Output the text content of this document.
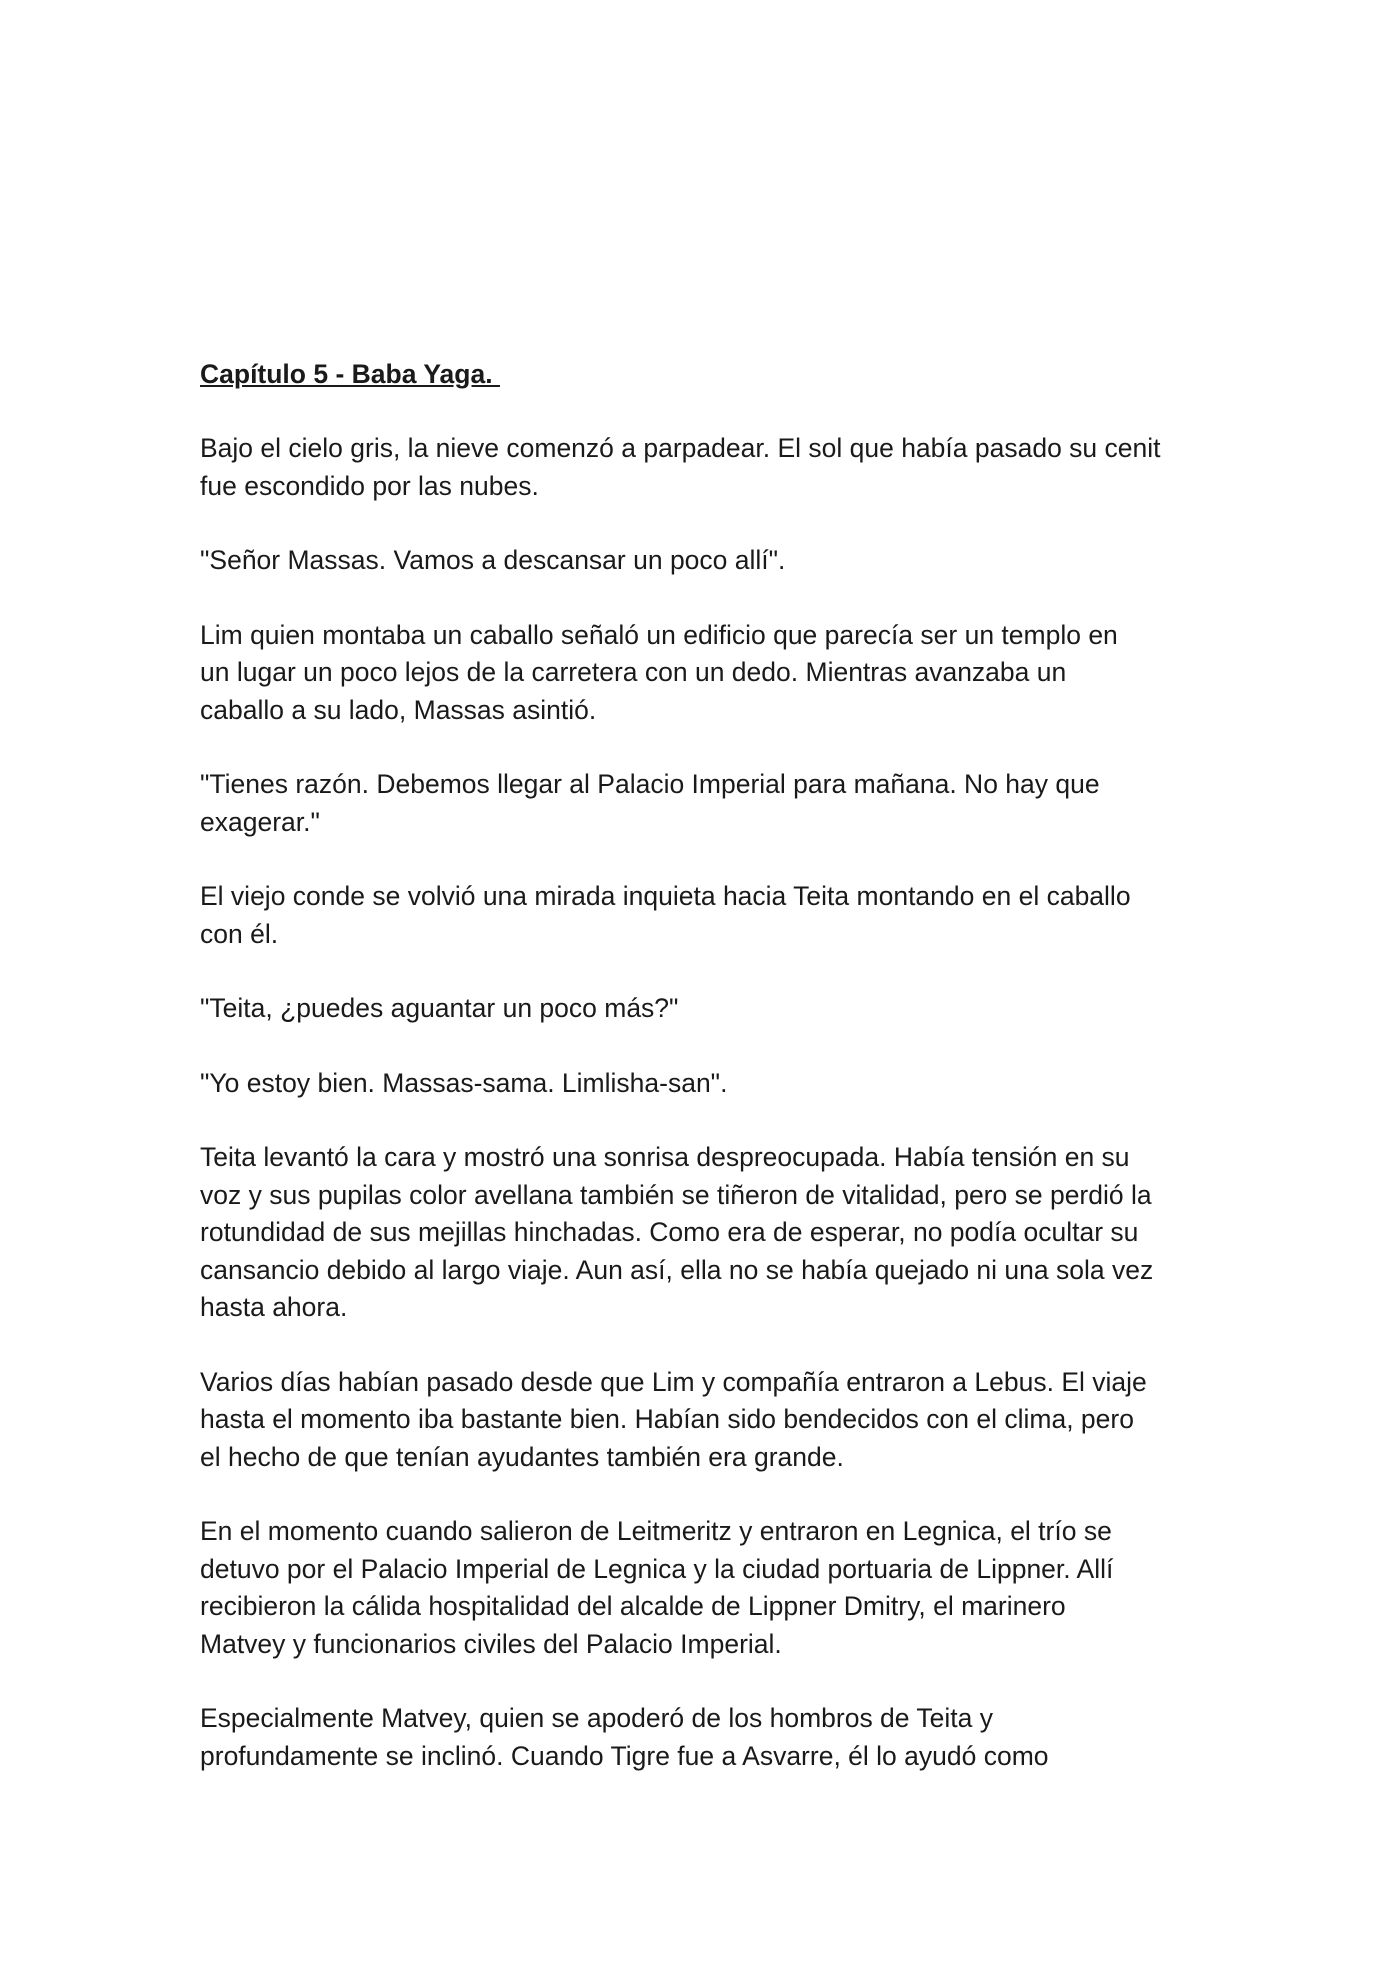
Capítulo 5 - Baba Yaga.
Bajo el cielo gris, la nieve comenzó a parpadear. El sol que había pasado su cenit
fue escondido por las nubes.
"Señor Massas. Vamos a descansar un poco allí".
Lim quien montaba un caballo señaló un edificio que parecía ser un templo en
un lugar un poco lejos de la carretera con un dedo. Mientras avanzaba un
caballo a su lado, Massas asintió.
"Tienes razón. Debemos llegar al Palacio Imperial para mañana. No hay que
exagerar."
El viejo conde se volvió una mirada inquieta hacia Teita montando en el caballo
con él.
"Teita, ¿puedes aguantar un poco más?"
"Yo estoy bien. Massas-sama. Limlisha-san".
Teita levantó la cara y mostró una sonrisa despreocupada. Había tensión en su
voz y sus pupilas color avellana también se tiñeron de vitalidad, pero se perdió la
rotundidad de sus mejillas hinchadas. Como era de esperar, no podía ocultar su
cansancio debido al largo viaje. Aun así, ella no se había quejado ni una sola vez
hasta ahora.
Varios días habían pasado desde que Lim y compañía entraron a Lebus. El viaje
hasta el momento iba bastante bien. Habían sido bendecidos con el clima, pero
el hecho de que tenían ayudantes también era grande.
En el momento cuando salieron de Leitmeritz y entraron en Legnica, el trío se
detuvo por el Palacio Imperial de Legnica y la ciudad portuaria de Lippner. Allí
recibieron la cálida hospitalidad del alcalde de Lippner Dmitry, el marinero
Matvey y funcionarios civiles del Palacio Imperial.
Especialmente Matvey, quien se apoderó de los hombros de Teita y
profundamente se inclinó. Cuando Tigre fue a Asvarre, él lo ayudó como
